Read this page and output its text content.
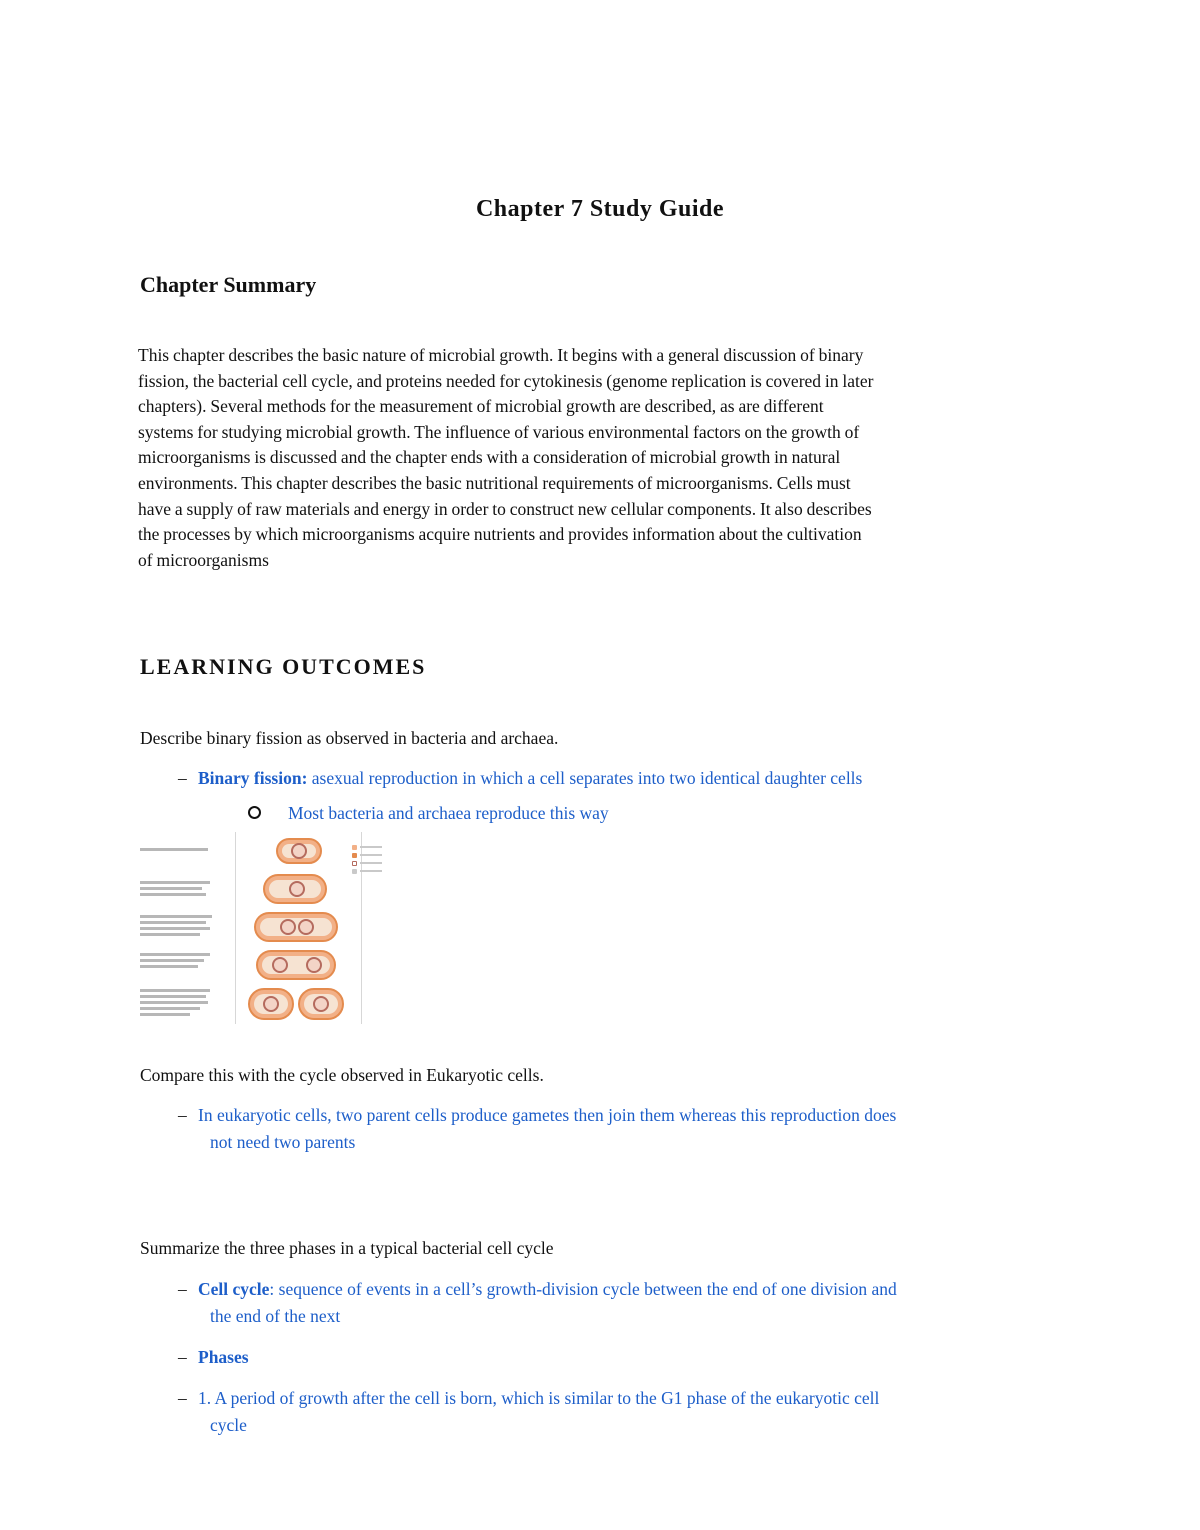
Chapter 7 Study Guide
Chapter Summary
This chapter describes the basic nature of microbial growth. It begins with a general discussion of binary
fission, the bacterial cell cycle, and proteins needed for cytokinesis (genome replication is covered in later
chapters). Several methods for the measurement of microbial growth are described, as are different
systems for studying microbial growth. The influence of various environmental factors on the growth of
microorganisms is discussed and the chapter ends with a consideration of microbial growth in natural
environments. This chapter describes the basic nutritional requirements of microorganisms. Cells must
have a supply of raw materials and energy in order to construct new cellular components. It also describes
the processes by which microorganisms acquire nutrients and provides information about the cultivation
of microorganisms
LEARNING OUTCOMES
Describe binary fission as observed in bacteria and archaea.
– Binary fission: asexual reproduction in which a cell separates into two identical daughter cells
Most bacteria and archaea reproduce this way
Compare this with the cycle observed in Eukaryotic cells.
– In eukaryotic cells, two parent cells produce gametes then join them whereas this reproduction does
not need two parents
Summarize the three phases in a typical bacterial cell cycle
– Cell cycle: sequence of events in a cell’s growth-division cycle between the end of one division and
the end of the next
– Phases
– 1. A period of growth after the cell is born, which is similar to the G1 phase of the eukaryotic cell
cycle
